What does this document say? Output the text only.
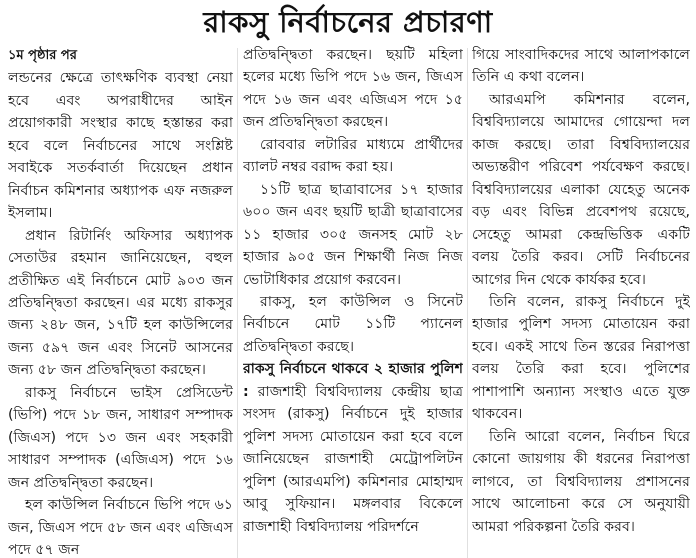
রাকসু নির্বাচনের প্রচারণা

১ম পৃষ্ঠার পর

লন্ডনের ক্ষেত্রে তাৎক্ষণিক ব্যবস্থা নেয়া হবে এবং অপরাধীদের আইন প্রয়োগকারী সংস্থার কাছে হস্তান্তর করা হবে বলে নির্বাচনের সাথে সংশ্লিষ্ট সবাইকে সতর্কবার্তা দিয়েছেন প্রধান নির্বাচন কমিশনার অধ্যাপক এফ নজরুল ইসলাম।

প্রধান রিটার্নিং অফিসার অধ্যাপক সেতাউর রহমান জানিয়েছেন, বহুল প্রতীক্ষিত এই নির্বাচনে মোট ৯০৩ জন প্রতিদ্বন্দ্বিতা করছেন। এর মধ্যে রাকসুর জন্য ২৪৮ জন, ১৭টি হল কাউন্সিলের জন্য ৫৯৭ জন এবং সিনেট আসনের জন্য ৫৮ জন প্রতিদ্বন্দ্বিতা করছেন।

রাকসু নির্বাচনে ভাইস প্রেসিডেন্ট (ভিপি) পদে ১৮ জন, সাধারণ সম্পাদক (জিএস) পদে ১৩ জন এবং সহকারী সাধারণ সম্পাদক (এজিএস) পদে ১৬ জন প্রতিদ্বন্দ্বিতা করছেন।

হল কাউন্সিল নির্বাচনে ভিপি পদে ৬১ জন, জিএস পদে ৫৮ জন এবং এজিএস পদে ৫৭ জন

প্রতিদ্বন্দ্বিতা করছেন। ছয়টি মহিলা হলের মধ্যে ভিপি পদে ১৬ জন, জিএস পদে ১৬ জন এবং এজিএস পদে ১৫ জন প্রতিদ্বন্দ্বিতা করছেন।

রোববার লটারির মাধ্যমে প্রার্থীদের ব্যালট নম্বর বরাদ্দ করা হয়।

১১টি ছাত্র ছাত্রাবাসের ১৭ হাজার ৬০০ জন এবং ছয়টি ছাত্রী ছাত্রাবাসের ১১ হাজার ৩০৫ জনসহ মোট ২৮ হাজার ৯০৫ জন শিক্ষার্থী নিজ নিজ ভোটাধিকার প্রয়োগ করবেন।

রাকসু, হল কাউন্সিল ও সিনেট নির্বাচনে মোট ১১টি প্যানেল প্রতিদ্বন্দ্বিতা করছে।

রাকসু নির্বাচনে থাকবে ২ হাজার পুলিশ : রাজশাহী বিশ্ববিদ্যালয় কেন্দ্রীয় ছাত্র সংসদ (রাকসু) নির্বাচনে দুই হাজার পুলিশ সদস্য মোতায়েন করা হবে বলে জানিয়েছেন রাজশাহী মেট্রোপলিটন পুলিশ (আরএমপি) কমিশনার মোহাম্মদ আবু সুফিয়ান। মঙ্গলবার বিকেলে রাজশাহী বিশ্ববিদ্যালয় পরিদর্শনে

গিয়ে সাংবাদিকদের সাথে আলাপকালে তিনি এ কথা বলেন।

আরএমপি কমিশনার বলেন, বিশ্ববিদ্যালয়ে আমাদের গোয়েন্দা দল কাজ করছে। তারা বিশ্ববিদ্যালয়ের অভ্যন্তরীণ পরিবেশ পর্যবেক্ষণ করছে। বিশ্ববিদ্যালয়ের এলাকা যেহেতু অনেক বড় এবং বিভিন্ন প্রবেশপথ রয়েছে, সেহেতু আমরা কেন্দ্রভিত্তিক একটি বলয় তৈরি করব। সেটি নির্বাচনের আগের দিন থেকে কার্যকর হবে।

তিনি বলেন, রাকসু নির্বাচনে দুই হাজার পুলিশ সদস্য মোতায়েন করা হবে। একই সাথে তিন স্তরের নিরাপত্তা বলয় তৈরি করা হবে। পুলিশের পাশাপাশি অন্যান্য সংস্থাও এতে যুক্ত থাকবেন।

তিনি আরো বলেন, নির্বাচন ঘিরে কোনো জায়গায় কী ধরনের নিরাপত্তা লাগবে, তা বিশ্ববিদ্যালয় প্রশাসনের সাথে আলোচনা করে সে অনুযায়ী আমরা পরিকল্পনা তৈরি করব।
